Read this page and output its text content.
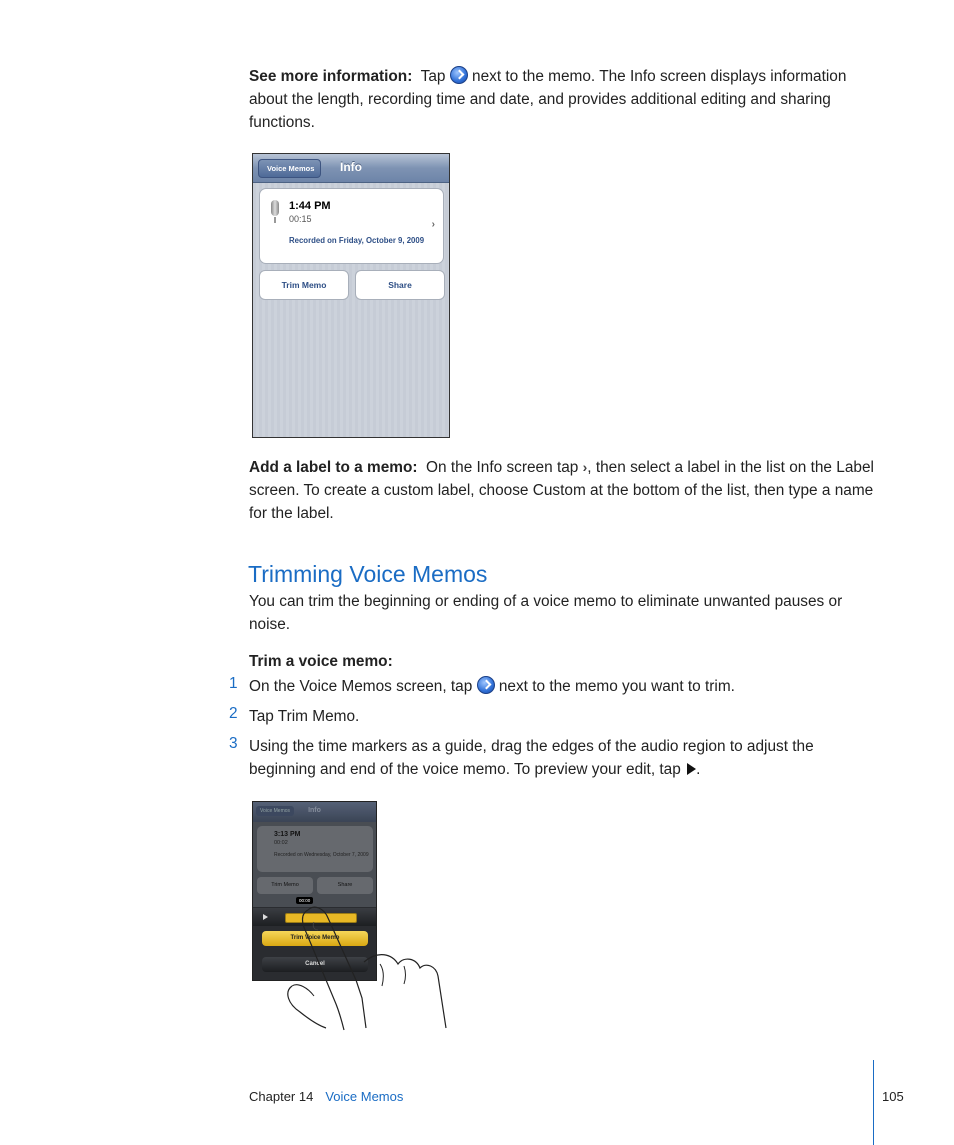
See more information: Tap next to the memo. The Info screen displays information about the length, recording time and date, and provides additional editing and sharing functions.
Voice Memos	Info
1:44 PM
00:15
Recorded on Friday, October 9, 2009
›
Trim Memo	Share
Add a label to a memo: On the Info screen tap ›, then select a label in the list on the Label screen. To create a custom label, choose Custom at the bottom of the list, then type a name for the label.
Trimming Voice Memos
You can trim the beginning or ending of a voice memo to eliminate unwanted pauses or noise.
Trim a voice memo:
1 On the Voice Memos screen, tap next to the memo you want to trim.
2 Tap Trim Memo.
3 Using the time markers as a guide, drag the edges of the audio region to adjust the beginning and end of the voice memo. To preview your edit, tap .
Voice Memos	Info
3:13 PM
00:02
Recorded on Wednesday, October 7, 2009
Trim Memo	Share
00:00
Trim Voice Memo
Cancel
Chapter 14 Voice Memos	105
